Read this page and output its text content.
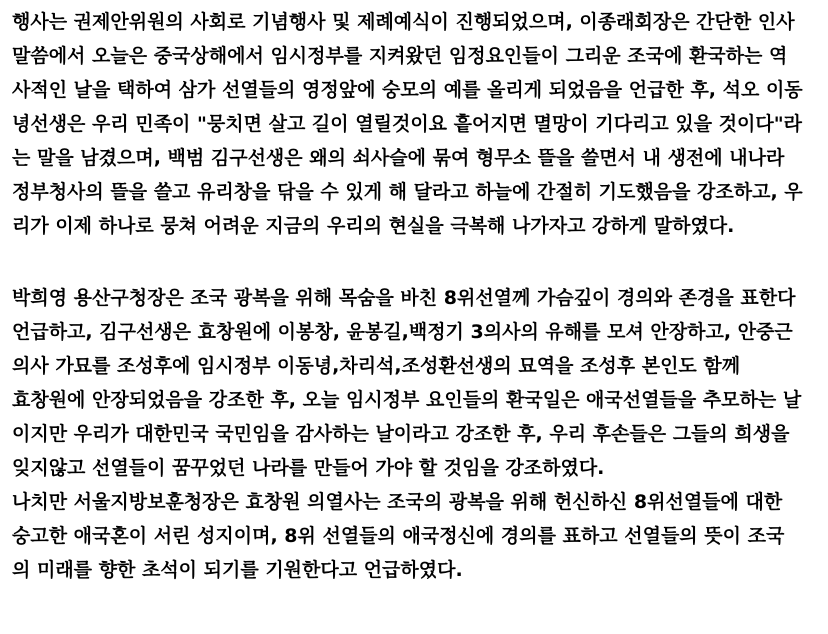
행사는 권제안위원의 사회로 기념행사 및 제례예식이 진행되었으며, 이종래회장은 간단한 인사
말씀에서 오늘은 중국상해에서 임시정부를 지켜왔던 임정요인들이 그리운 조국에 환국하는 역
사적인 날을 택하여 삼가 선열들의 영정앞에 숭모의 예를 올리게 되었음을 언급한 후, 석오 이동
녕선생은 우리 민족이 "뭉치면 살고 길이 열릴것이요 흩어지면 멸망이 기다리고 있을 것이다"라
는 말을 남겼으며, 백범 김구선생은 왜의 쇠사슬에 묶여 형무소 뜰을 쓸면서 내 생전에 내나라
정부청사의 뜰을 쓸고 유리창을 닦을 수 있게 해 달라고 하늘에 간절히 기도했음을 강조하고, 우
리가 이제 하나로 뭉쳐 어려운 지금의 우리의 현실을 극복해 나가자고 강하게 말하였다.
박희영 용산구청장은 조국 광복을 위해 목숨을 바친 8위선열께 가슴깊이 경의와 존경을 표한다
언급하고, 김구선생은 효창원에 이봉창, 윤봉길,백정기 3의사의 유해를 모셔 안장하고, 안중근
의사 가묘를 조성후에 임시정부 이동녕,차리석,조성환선생의 묘역을 조성후 본인도 함께
효창원에 안장되었음을 강조한 후, 오늘 임시정부 요인들의 환국일은 애국선열들을 추모하는 날
이지만 우리가 대한민국 국민임을 감사하는 날이라고 강조한 후, 우리 후손들은 그들의 희생을
잊지않고 선열들이 꿈꾸었던 나라를 만들어 가야 할 것임을 강조하였다.
나치만 서울지방보훈청장은 효창원 의열사는 조국의 광복을 위해 헌신하신 8위선열들에 대한
숭고한 애국혼이 서린 성지이며, 8위 선열들의 애국정신에 경의를 표하고 선열들의 뜻이 조국
의 미래를 향한 초석이 되기를 기원한다고 언급하였다.
